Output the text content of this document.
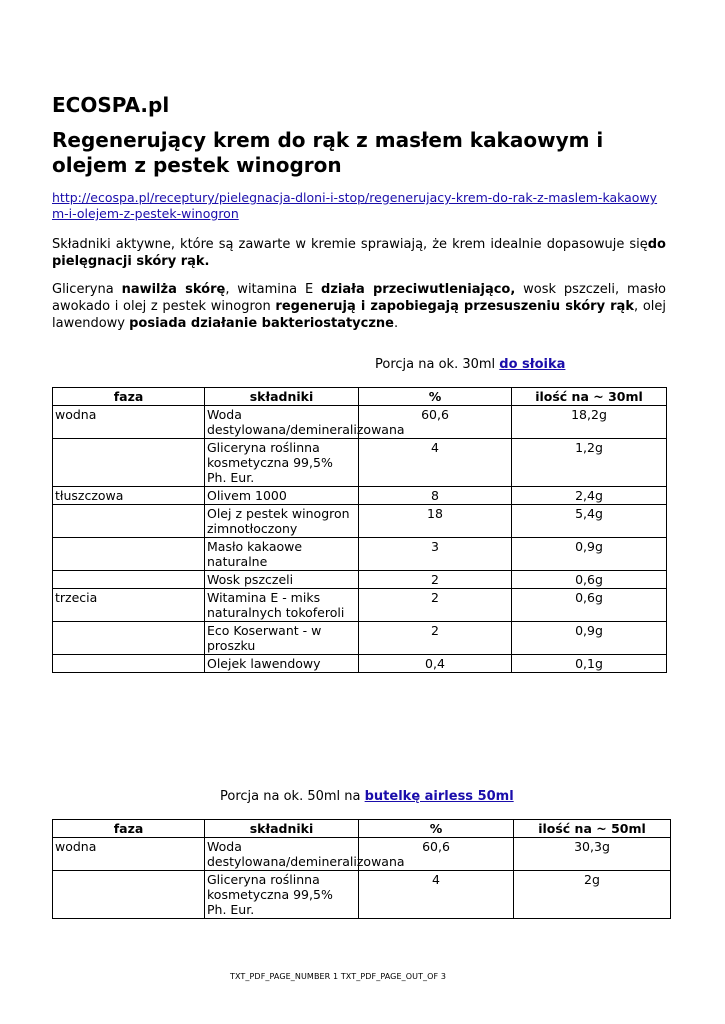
ECOSPA.pl
Regenerujący krem do rąk z masłem kakaowym i olejem z pestek winogron
http://ecospa.pl/receptury/pielegnacja-dloni-i-stop/regenerujacy-krem-do-rak-z-maslem-kakaowym-i-olejem-z-pestek-winogron

Składniki aktywne, które są zawarte w kremie sprawiają, że krem idealnie dopasowuje siędo pielęgnacji skóry rąk.

Gliceryna nawilża skórę, witamina E działa przeciwutleniająco, wosk pszczeli, masło awokado i olej z pestek winogron regenerują i zapobiegają przesuszeniu skóry rąk, olej lawendowy posiada działanie bakteriostatyczne.

Porcja na ok. 30ml do słoika
faza	składniki	%	ilość na ~ 30ml
wodna	Woda destylowana/demineralizowana	60,6	18,2g
	Gliceryna roślinna kosmetyczna 99,5% Ph. Eur.	4	1,2g
tłuszczowa	Olivem 1000	8	2,4g
	Olej z pestek winogron zimnotłoczony	18	5,4g
	Masło kakaowe naturalne	3	0,9g
	Wosk pszczeli	2	0,6g
trzecia	Witamina E - miks naturalnych tokoferoli	2	0,6g
	Eco Koserwant - w proszku	2	0,9g
	Olejek lawendowy	0,4	0,1g
Porcja na ok. 50ml na butelkę airless 50ml
faza	składniki	%	ilość na ~ 50ml
wodna	Woda destylowana/demineralizowana	60,6	30,3g
	Gliceryna roślinna kosmetyczna 99,5% Ph. Eur.	4	2g
TXT_PDF_PAGE_NUMBER 1 TXT_PDF_PAGE_OUT_OF 3
